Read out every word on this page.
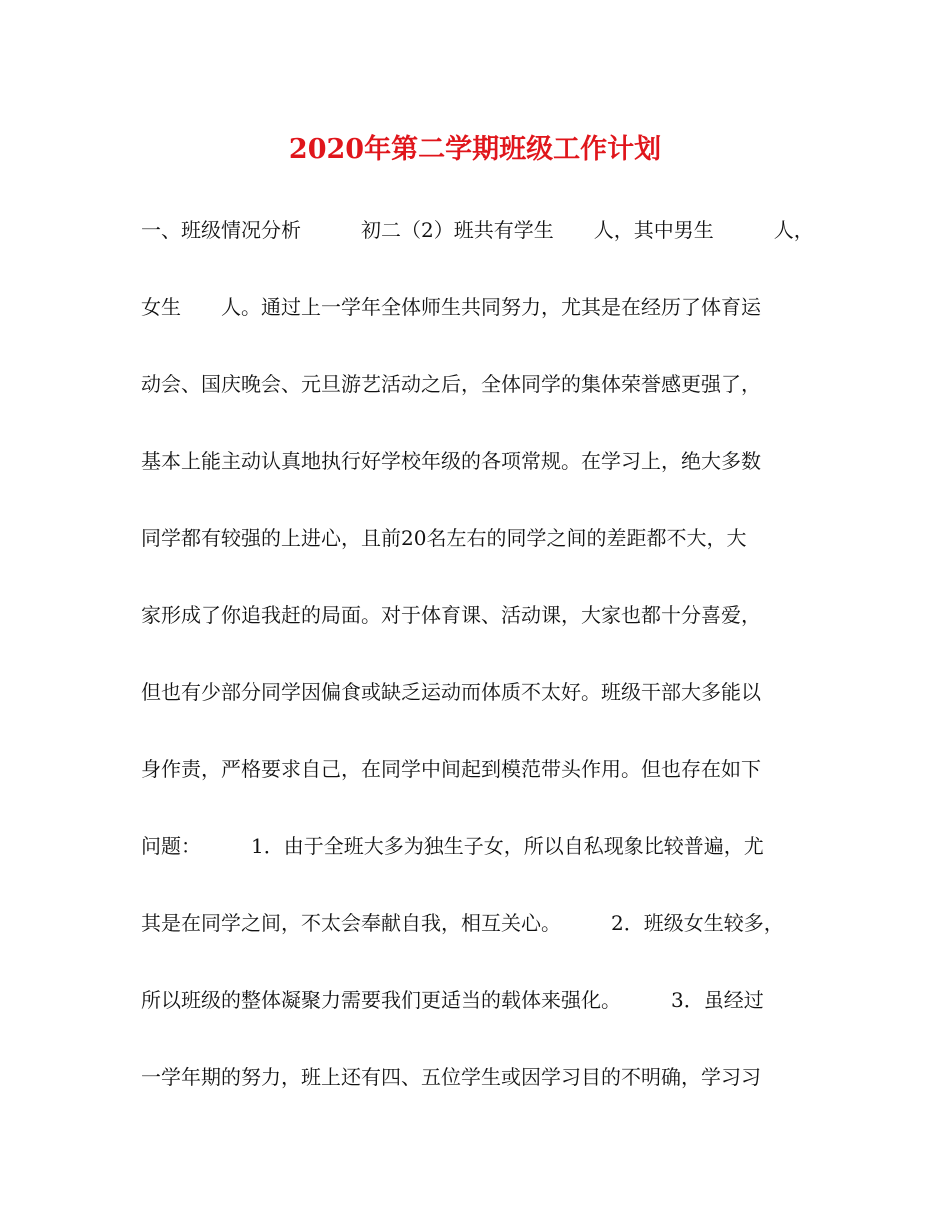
2020年第二学期班级工作计划
一、班级情况分析　　　初二（2）班共有学生　　人，其中男生　　　人，
女生　　人。通过上一学年全体师生共同努力，尤其是在经历了体育运
动会、国庆晚会、元旦游艺活动之后，全体同学的集体荣誉感更强了，
基本上能主动认真地执行好学校年级的各项常规。在学习上，绝大多数
同学都有较强的上进心，且前20名左右的同学之间的差距都不大，大
家形成了你追我赶的局面。对于体育课、活动课，大家也都十分喜爱，
但也有少部分同学因偏食或缺乏运动而体质不太好。班级干部大多能以
身作责，严格要求自己，在同学中间起到模范带头作用。但也存在如下
问题：　　　1．由于全班大多为独生子女，所以自私现象比较普遍，尤
其是在同学之间，不太会奉献自我，相互关心。　　　2．班级女生较多，
所以班级的整体凝聚力需要我们更适当的载体来强化。　　　3．虽经过
一学年期的努力，班上还有四、五位学生或因学习目的不明确，学习习
